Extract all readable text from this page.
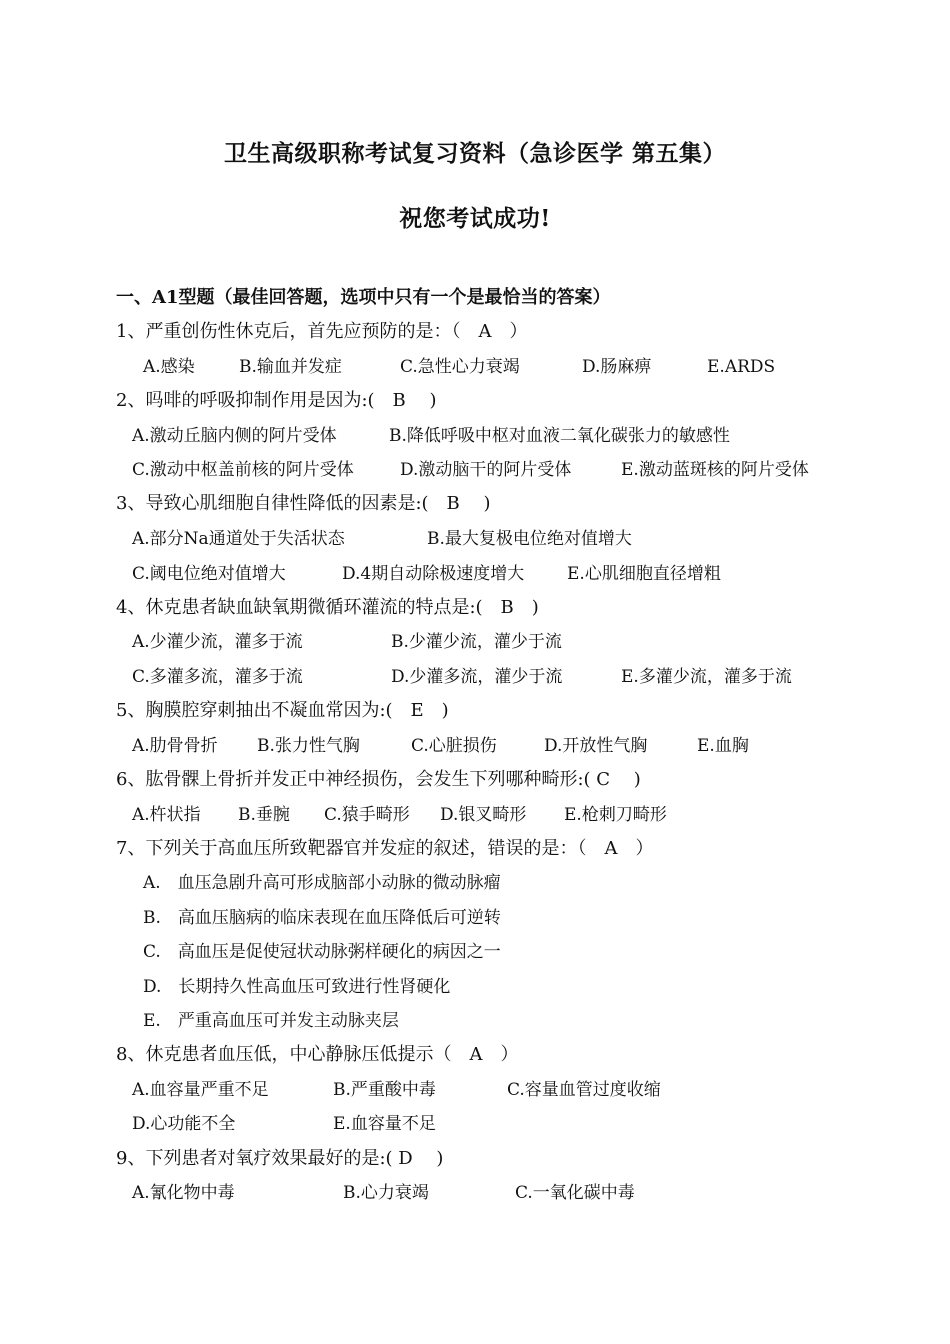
卫生高级职称考试复习资料（急诊医学 第五集）
祝您考试成功!
一、A1型题（最佳回答题，选项中只有一个是最恰当的答案）
1、严重创伤性休克后，首先应预防的是：（　A　）
A.感染	B.输血并发症	C.急性心力衰竭	D.肠麻痹	E.ARDS
2、吗啡的呼吸抑制作用是因为:(　B　 )
A.激动丘脑内侧的阿片受体	B.降低呼吸中枢对血液二氧化碳张力的敏感性
C.激动中枢盖前核的阿片受体	D.激动脑干的阿片受体	E.激动蓝斑核的阿片受体
3、导致心肌细胞自律性降低的因素是:(　B　 )
A.部分Na通道处于失活状态	B.最大复极电位绝对值增大
C.阈电位绝对值增大	D.4期自动除极速度增大	E.心肌细胞直径增粗
4、休克患者缺血缺氧期微循环灌流的特点是:(　B　)
A.少灌少流，灌多于流	B.少灌少流，灌少于流
C.多灌多流，灌多于流	D.少灌多流，灌少于流	E.多灌少流，灌多于流
5、胸膜腔穿刺抽出不凝血常因为:(　E　)
A.肋骨骨折 B.张力性气胸	C.心脏损伤	D.开放性气胸	E.血胸
6、肱骨髁上骨折并发正中神经损伤，会发生下列哪种畸形:( C　 )
A.杵状指 B.垂腕 C.猿手畸形 D.银叉畸形 E.枪刺刀畸形
7、下列关于高血压所致靶器官并发症的叙述，错误的是：（　A　）
A.　血压急剧升高可形成脑部小动脉的微动脉瘤
B.　高血压脑病的临床表现在血压降低后可逆转
C.　高血压是促使冠状动脉粥样硬化的病因之一
D.　长期持久性高血压可致进行性肾硬化
E.　严重高血压可并发主动脉夹层
8、休克患者血压低，中心静脉压低提示（　A　）
A.血容量严重不足	B.严重酸中毒	C.容量血管过度收缩
D.心功能不全	E.血容量不足
9、下列患者对氧疗效果最好的是:( D　 )
A.氰化物中毒	B.心力衰竭	C.一氧化碳中毒
